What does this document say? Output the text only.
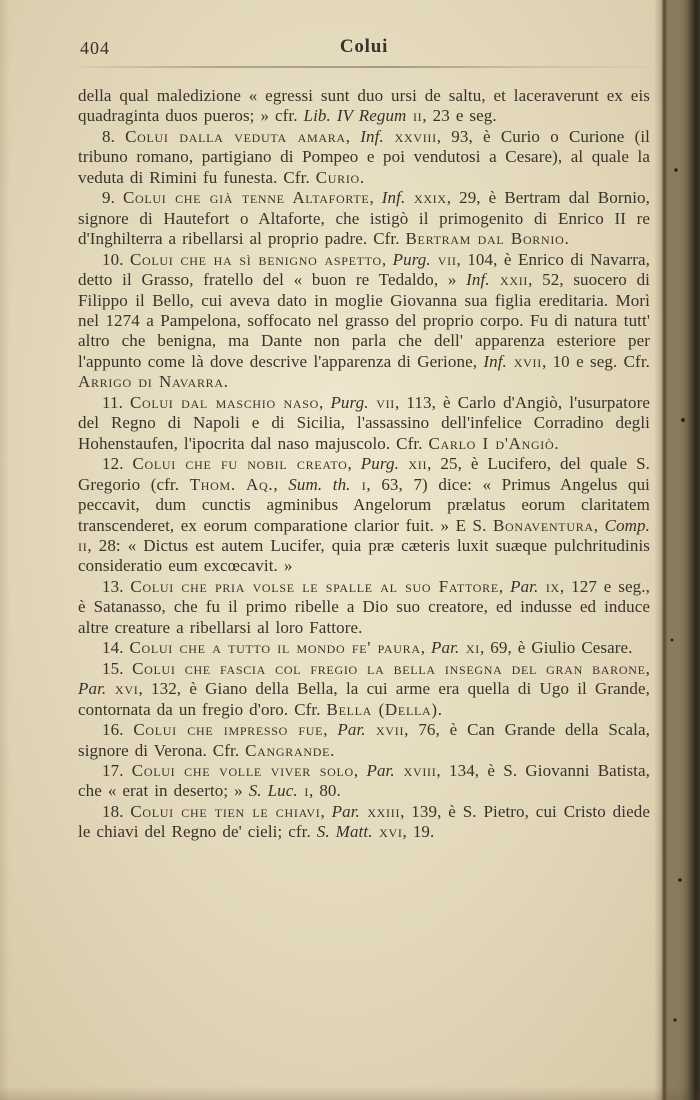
404	Colui

della qual maledizione « egressi sunt duo ursi de saltu, et laceraverunt ex eis quadraginta duos pueros; » cfr. Lib. IV Regum ii, 23 e seg.

8. Colui dalla veduta amara, Inf. xxviii, 93, è Curio o Curione (il tribuno romano, partigiano di Pompeo e poi vendutosi a Cesare), al quale la veduta di Rimini fu funesta. Cfr. Curio.

9. Colui che già tenne Altaforte, Inf. xxix, 29, è Bertram dal Bornio, signore di Hautefort o Altaforte, che istigò il primogenito di Enrico II re d'Inghilterra a ribellarsi al proprio padre. Cfr. Bertram dal Bornio.

10. Colui che ha sì benigno aspetto, Purg. vii, 104, è Enrico di Navarra, detto il Grasso, fratello del « buon re Tedaldo, » Inf. xxii, 52, suocero di Filippo il Bello, cui aveva dato in moglie Giovanna sua figlia ereditaria. Morì nel 1274 a Pampelona, soffocato nel grasso del proprio corpo. Fu di natura tutt' altro che benigna, ma Dante non parla che dell' apparenza esteriore per l'appunto come là dove descrive l'apparenza di Gerione, Inf. xvii, 10 e seg. Cfr. Arrigo di Navarra.

11. Colui dal maschio naso, Purg. vii, 113, è Carlo d'Angiò, l'usurpatore del Regno di Napoli e di Sicilia, l'assassino dell'infelice Corradino degli Hohenstaufen, l'ipocrita dal naso majuscolo. Cfr. Carlo I d'Angiò.

12. Colui che fu nobil creato, Purg. xii, 25, è Lucifero, del quale S. Gregorio (cfr. Thom. Aq., Sum. th. i, 63, 7) dice: « Primus Angelus qui peccavit, dum cunctis agminibus Angelorum prælatus eorum claritatem transcenderet, ex eorum comparatione clarior fuit. » E S. Bonaventura, Comp. ii, 28: « Dictus est autem Lucifer, quia præ cæteris luxit suæque pulchritudinis consideratio eum excœcavit. »

13. Colui che pria volse le spalle al suo Fattore, Par. ix, 127 e seg., è Satanasso, che fu il primo ribelle a Dio suo creatore, ed indusse ed induce altre creature a ribellarsi al loro Fattore.

14. Colui che a tutto il mondo fe' paura, Par. xi, 69, è Giulio Cesare.

15. Colui che fascia col fregio la bella insegna del gran barone, Par. xvi, 132, è Giano della Bella, la cui arme era quella di Ugo il Grande, contornata da un fregio d'oro. Cfr. Bella (Della).

16. Colui che impresso fue, Par. xvii, 76, è Can Grande della Scala, signore di Verona. Cfr. Cangrande.

17. Colui che volle viver solo, Par. xviii, 134, è S. Giovanni Batista, che « erat in deserto; » S. Luc. i, 80.

18. Colui che tien le chiavi, Par. xxiii, 139, è S. Pietro, cui Cristo diede le chiavi del Regno de' cieli; cfr. S. Matt. xvi, 19.
